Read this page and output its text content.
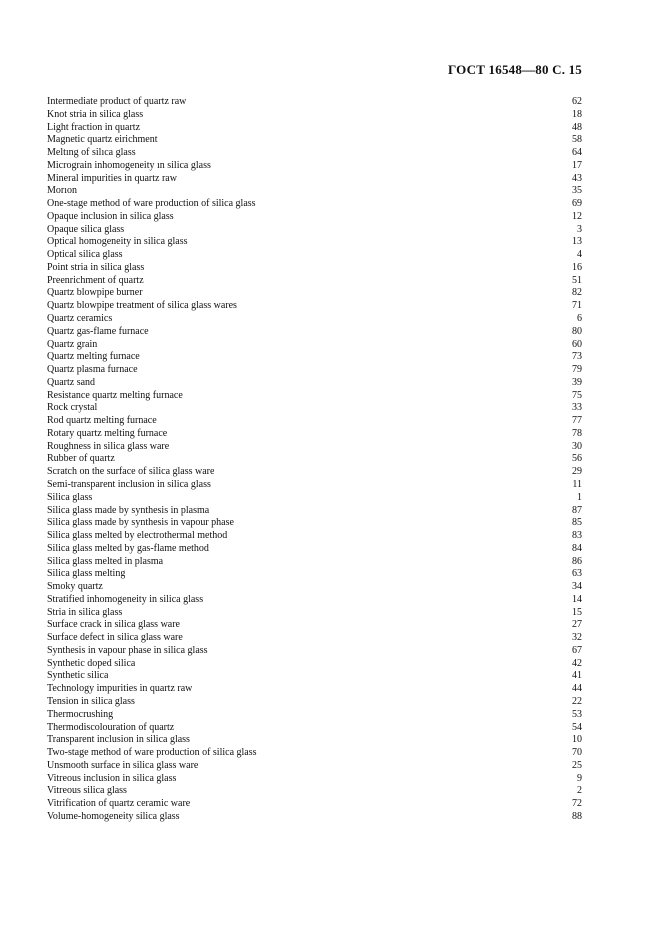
ГОСТ 16548—80 С. 15
Intermediate product of quartz raw	62
Knot stria in silica glass	18
Light fraction in quartz	48
Magnetic quartz eirichment	58
Meltıng of silıca glass	64
Micrograin inhomogeneity ın silica glass	17
Mineral impurities in quartz raw	43
Morıon	35
One-stage method of ware production of silica glass	69
Opaque inclusion in silica glass	12
Opaque silica glass	3
Optical homogeneity in silica glass	13
Optical silica glass	4
Point stria in silica glass	16
Preenrichment of quartz	51
Quartz blowpipe burner	82
Quartz blowpipe treatment of silica glass wares	71
Quartz ceramics	6
Quartz gas-flame furnace	80
Quartz grain	60
Quartz melting furnace	73
Quartz plasma furnace	79
Quartz sand	39
Resistance quartz melting furnace	75
Rock crystal	33
Rod quartz melting furnace	77
Rotary quartz melting furnace	78
Roughness in silica glass ware	30
Rubber of quartz	56
Scratch on the surface of silica glass ware	29
Semi-transparent inclusion in silica glass	11
Silica glass	1
Silica glass made by synthesis in plasma	87
Silica glass made by synthesis in vapour phase	85
Silica glass melted by electrothermal method	83
Silica glass melted by gas-flame method	84
Silica glass melted in plasma	86
Silica glass melting	63
Smoky quartz	34
Stratified inhomogeneity in silica glass	14
Stria in silica glass	15
Surface crack in silica glass ware	27
Surface defect in silica glass ware	32
Synthesis in vapour phase in silica glass	67
Synthetic doped silica	42
Synthetic silica	41
Technology impurities in quartz raw	44
Tension in silica glass	22
Thermocrushing	53
Thermodiscolouration of quartz	54
Transparent inclusion in silica glass	10
Two-stage method of ware production of silica glass	70
Unsmooth surface in silica glass ware	25
Vitreous inclusion in silica glass	9
Vitreous silica glass	2
Vitrification of quartz ceramic ware	72
Volume-homogeneity silica glass	88
